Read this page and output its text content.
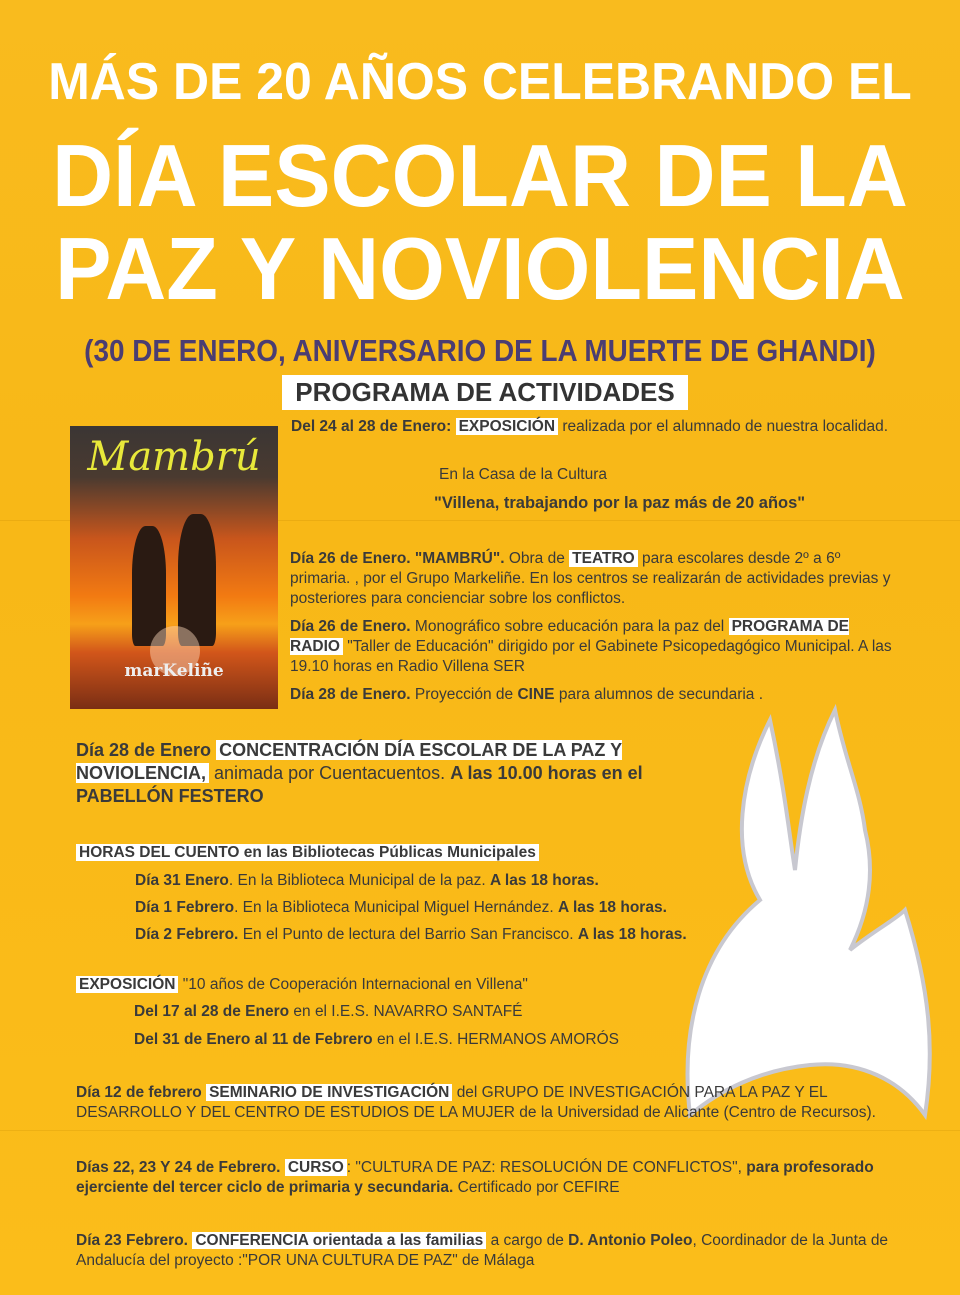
MÁS DE 20 AÑOS CELEBRANDO EL
DÍA ESCOLAR DE LA
PAZ Y NOVIOLENCIA
(30 DE ENERO, ANIVERSARIO DE LA MUERTE DE GHANDI)
PROGRAMA DE ACTIVIDADES
Mambrú
marKeliñe
Del 24 al 28 de Enero: EXPOSICIÓN realizada por el alumnado de nuestra localidad.
En la Casa de la Cultura
"Villena, trabajando por la paz más de 20 años"
Día 26 de Enero. "MAMBRÚ". Obra de TEATRO para escolares desde 2º a 6º primaria. , por el Grupo Markeliñe. En los centros se realizarán de actividades previas y posteriores para concienciar sobre los conflictos.
Día 26 de Enero. Monográfico sobre educación para la paz del PROGRAMA DE RADIO "Taller de Educación" dirigido por el Gabinete Psicopedagógico Municipal. A las 19.10 horas en Radio Villena SER
Día 28 de Enero. Proyección de CINE para alumnos de secundaria .
Día 28 de Enero CONCENTRACIÓN DÍA ESCOLAR DE LA PAZ Y NOVIOLENCIA, animada por Cuentacuentos. A las 10.00 horas en el PABELLÓN FESTERO
HORAS DEL CUENTO en las Bibliotecas Públicas Municipales
Día 31 Enero. En la Biblioteca Municipal de la paz. A las 18 horas.
Día 1 Febrero. En la Biblioteca Municipal Miguel Hernández. A las 18 horas.
Día 2 Febrero. En el Punto de lectura del Barrio San Francisco. A las 18 horas.
EXPOSICIÓN "10 años de Cooperación Internacional en Villena"
Del 17 al 28 de Enero en el I.E.S. NAVARRO SANTAFÉ
Del 31 de Enero al 11 de Febrero en el I.E.S. HERMANOS AMORÓS
Día 12 de febrero SEMINARIO DE INVESTIGACIÓN del GRUPO DE INVESTIGACIÓN PARA LA PAZ Y EL DESARROLLO Y DEL CENTRO DE ESTUDIOS DE LA MUJER de la Universidad de Alicante (Centro de Recursos).
Días 22, 23 Y 24 de Febrero. CURSO : "CULTURA DE PAZ: RESOLUCIÓN DE CONFLICTOS", para profesorado ejerciente del tercer ciclo de primaria y secundaria. Certificado por CEFIRE
Día 23 Febrero. CONFERENCIA orientada a las familias a cargo de D. Antonio Poleo, Coordinador de la Junta de Andalucía del proyecto :"POR UNA CULTURA DE PAZ" de Málaga
